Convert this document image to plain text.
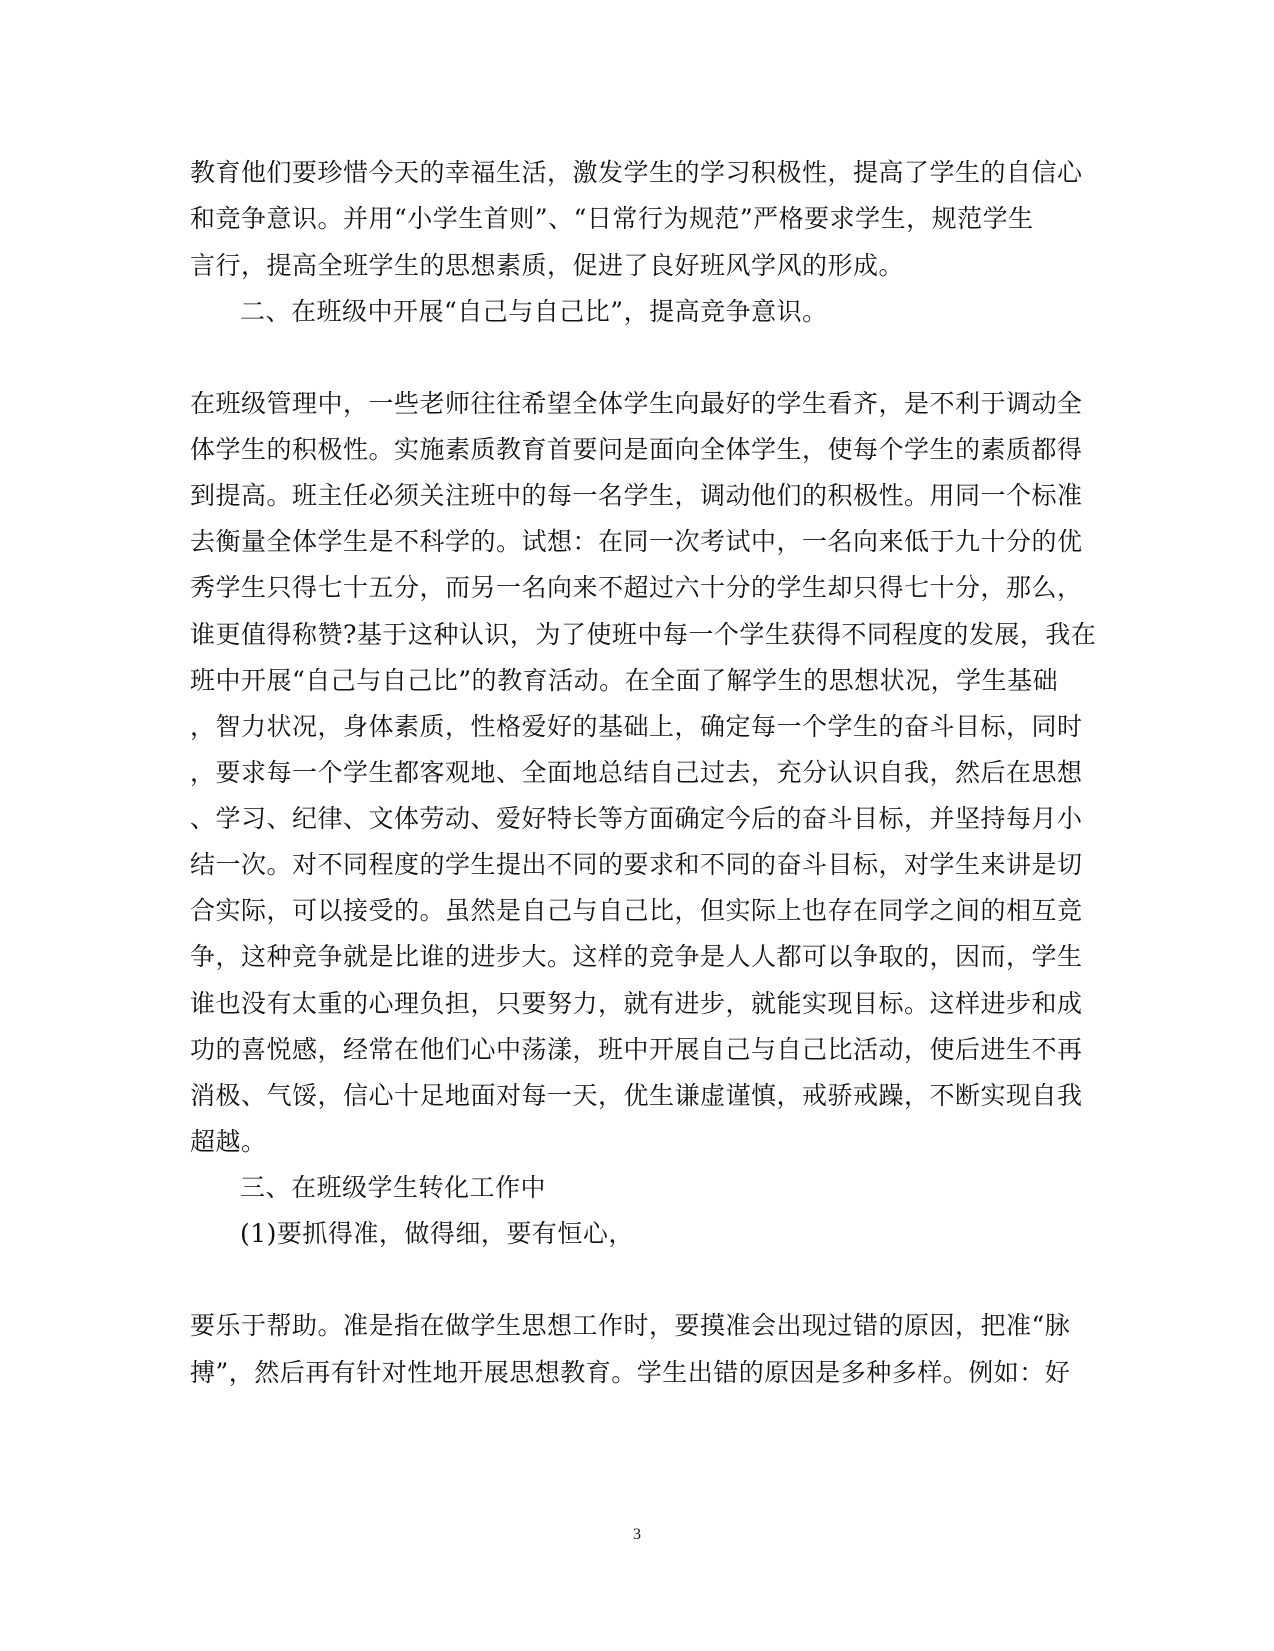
教育他们要珍惜今天的幸福生活，激发学生的学习积极性，提高了学生的自信心
和竞争意识。并用“小学生首则”、“日常行为规范”严格要求学生，规范学生
言行，提高全班学生的思想素质，促进了良好班风学风的形成。
二、在班级中开展“自己与自己比”，提高竞争意识。
在班级管理中，一些老师往往希望全体学生向最好的学生看齐，是不利于调动全
体学生的积极性。实施素质教育首要问是面向全体学生，使每个学生的素质都得
到提高。班主任必须关注班中的每一名学生，调动他们的积极性。用同一个标准
去衡量全体学生是不科学的。试想：在同一次考试中，一名向来低于九十分的优
秀学生只得七十五分，而另一名向来不超过六十分的学生却只得七十分，那么，
谁更值得称赞?基于这种认识，为了使班中每一个学生获得不同程度的发展，我在
班中开展“自己与自己比”的教育活动。在全面了解学生的思想状况，学生基础
，智力状况，身体素质，性格爱好的基础上，确定每一个学生的奋斗目标，同时
，要求每一个学生都客观地、全面地总结自己过去，充分认识自我，然后在思想
、学习、纪律、文体劳动、爱好特长等方面确定今后的奋斗目标，并坚持每月小
结一次。对不同程度的学生提出不同的要求和不同的奋斗目标，对学生来讲是切
合实际，可以接受的。虽然是自己与自己比，但实际上也存在同学之间的相互竞
争，这种竞争就是比谁的进步大。这样的竞争是人人都可以争取的，因而，学生
谁也没有太重的心理负担，只要努力，就有进步，就能实现目标。这样进步和成
功的喜悦感，经常在他们心中荡漾，班中开展自己与自己比活动，使后进生不再
消极、气馁，信心十足地面对每一天，优生谦虚谨慎，戒骄戒躁，不断实现自我
超越。
三、在班级学生转化工作中
(1)要抓得准，做得细，要有恒心，
要乐于帮助。准是指在做学生思想工作时，要摸准会出现过错的原因，把准“脉
搏”，然后再有针对性地开展思想教育。学生出错的原因是多种多样。例如：好
3
